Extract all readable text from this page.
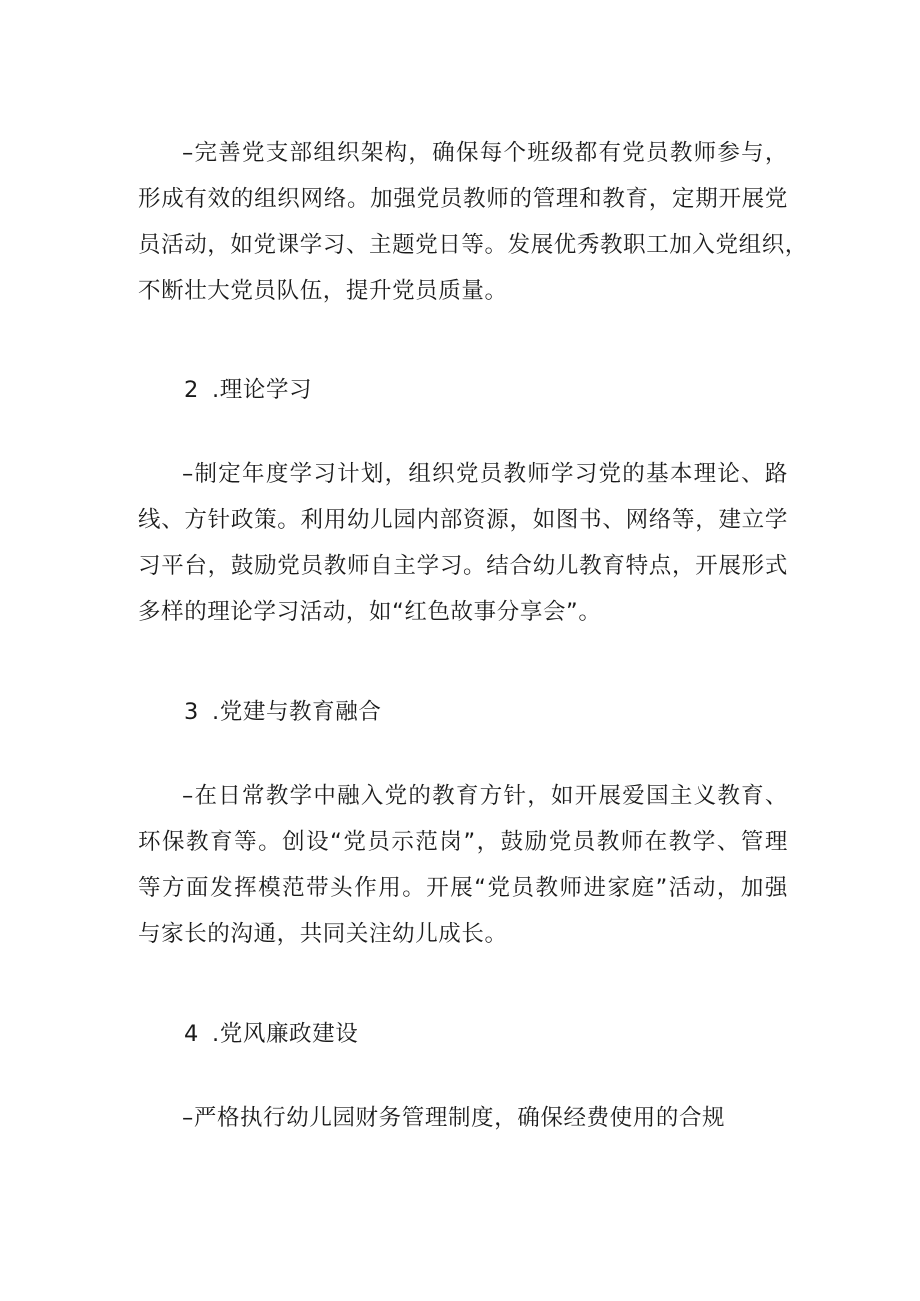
–完善党支部组织架构，确保每个班级都有党员教师参与，
形成有效的组织网络。加强党员教师的管理和教育，定期开展党
员活动，如党课学习、主题党日等。发展优秀教职工加入党组织，
不断壮大党员队伍，提升党员质量。

2 .理论学习

–制定年度学习计划，组织党员教师学习党的基本理论、路
线、方针政策。利用幼儿园内部资源，如图书、网络等，建立学
习平台，鼓励党员教师自主学习。结合幼儿教育特点，开展形式
多样的理论学习活动，如“红色故事分享会”。

3 .党建与教育融合

–在日常教学中融入党的教育方针，如开展爱国主义教育、
环保教育等。创设“党员示范岗”，鼓励党员教师在教学、管理
等方面发挥模范带头作用。开展“党员教师进家庭”活动，加强
与家长的沟通，共同关注幼儿成长。

4 .党风廉政建设

–严格执行幼儿园财务管理制度，确保经费使用的合规
